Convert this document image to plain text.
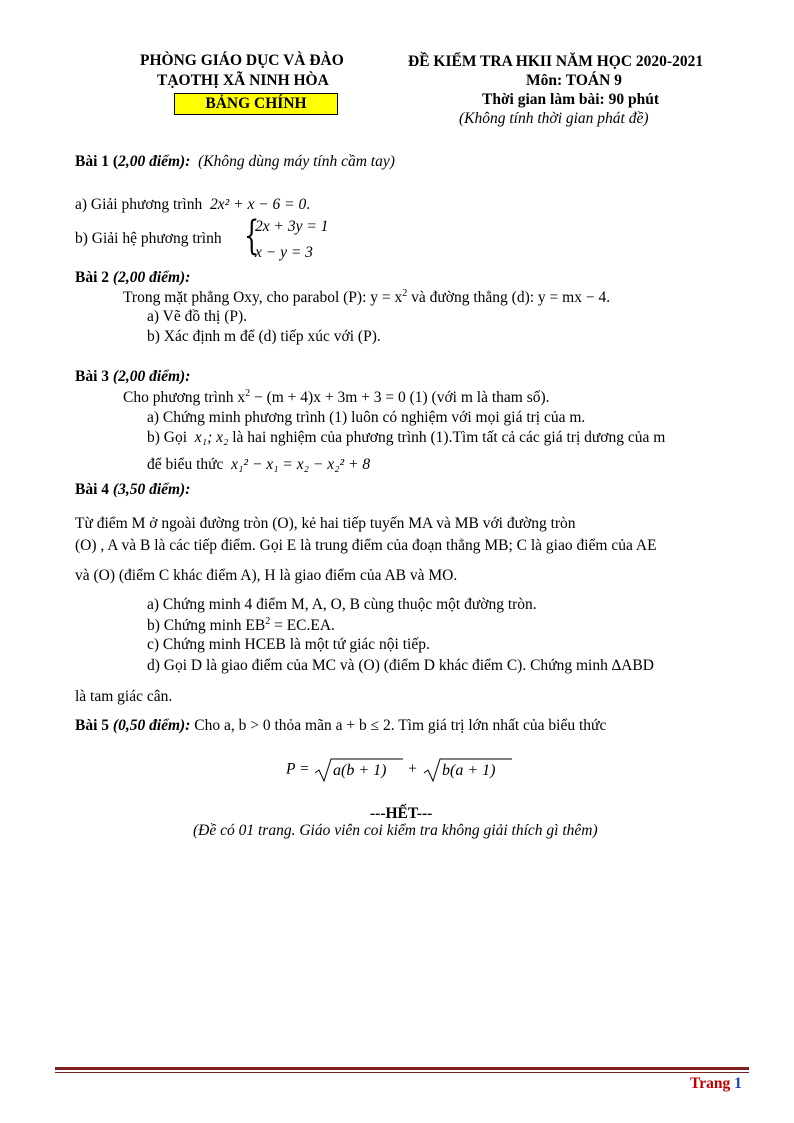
PHÒNG GIÁO DỤC VÀ ĐÀO
TẠOTHỊ XÃ NINH HÒA
BẢNG CHÍNH
ĐỀ KIỂM TRA HKII NĂM HỌC 2020-2021
Môn: TOÁN 9
Thời gian làm bài: 90 phút
(Không tính thời gian phát đề)
Bài 1 (2,00 điểm): (Không dùng máy tính cầm tay)
a) Giải phương trình 2x² + x − 6 = 0.
b) Giải hệ phương trình {
2x + 3y = 1
x − y = 3
Bài 2 (2,00 điểm):
Trong mặt phẳng Oxy, cho parabol (P): $y = x^2$ và đường thẳng (d): y = mx − 4.
a) Vẽ đồ thị (P).
b) Xác định m để (d) tiếp xúc với (P).
Bài 3 (2,00 điểm):
Cho phương trình $x^2 - (m + 4)x + 3m + 3 = 0$ (1) (với m là tham số).
a) Chứng minh phương trình (1) luôn có nghiệm với mọi giá trị của m.
b) Gọi x₁; x₂ là hai nghiệm của phương trình (1).Tìm tất cả các giá trị dương của m
để biểu thức x₁² − x₁ = x₂ − x₂² + 8
Bài 4 (3,50 điểm):
Từ điểm M ở ngoài đường tròn (O), kẻ hai tiếp tuyến MA và MB với đường tròn
(O) , A và B là các tiếp điểm. Gọi E là trung điểm của đoạn thẳng MB; C là giao điểm của AE
và (O) (điểm C khác điểm A), H là giao điểm của AB và MO.
a) Chứng minh 4 điểm M, A, O, B cùng thuộc một đường tròn.
b) Chứng minh $EB^2 = EC.EA$.
c) Chứng minh HCEB là một tứ giác nội tiếp.
d) Gọi D là giao điểm của MC và (O) (điểm D khác điểm C). Chứng minh ∆ABD
là tam giác cân.
Bài 5 (0,50 điểm): Cho a, b > 0 thỏa mãn a + b ≤ 2. Tìm giá trị lớn nhất của biểu thức
P = a(b + 1) + b(a + 1)
---HẾT---
(Đề có 01 trang. Giáo viên coi kiểm tra không giải thích gì thêm)
Trang 1
